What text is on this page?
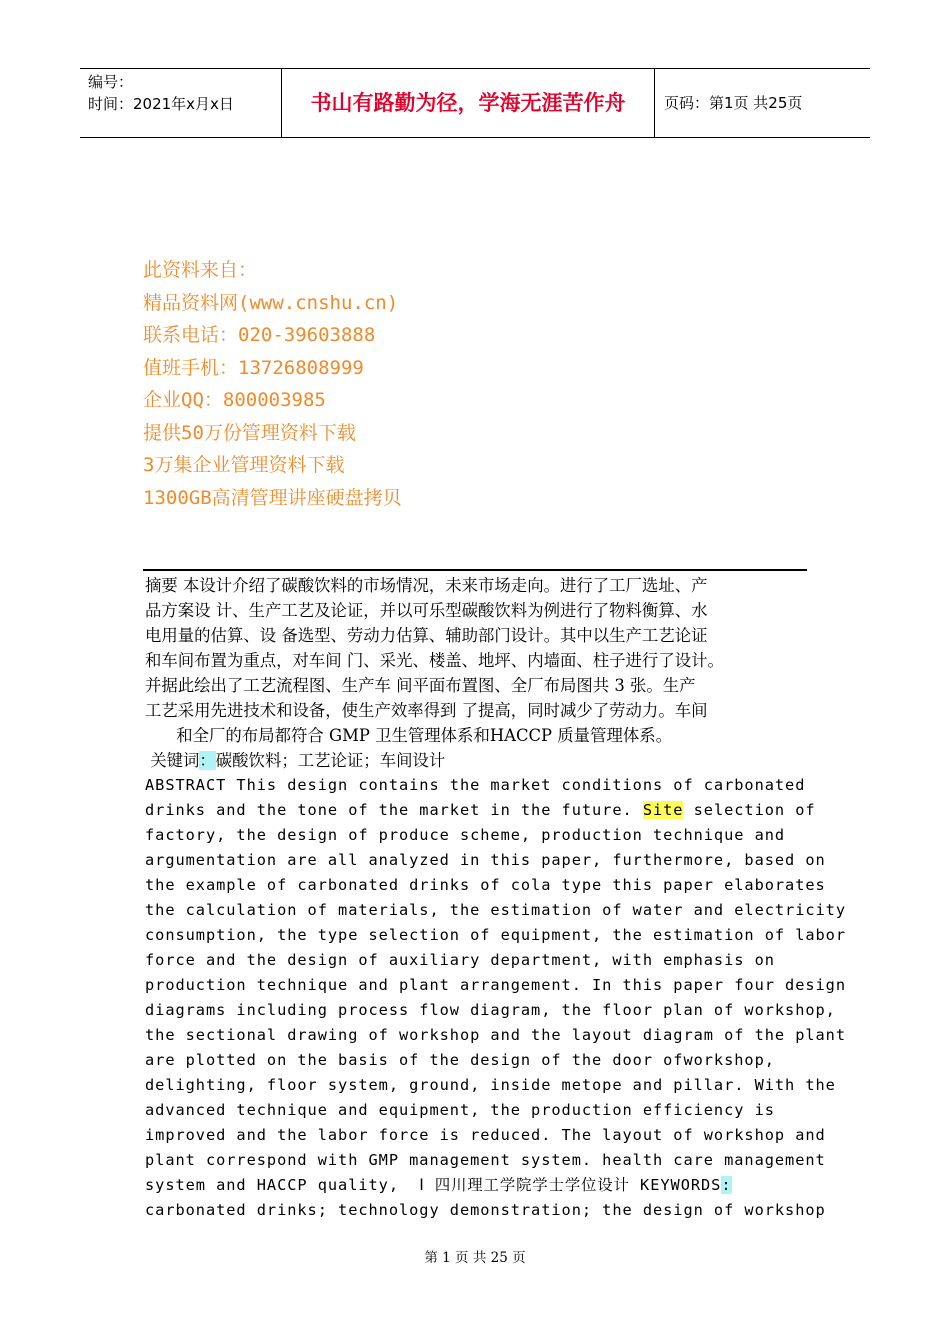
编号：
时间：2021年x月x日	书山有路勤为径，学海无涯苦作舟	页码：第1页 共25页
此资料来自：
精品资料网(www.cnshu.cn)
联系电话：020-39603888
值班手机：13726808999
企业QQ：800003985
提供50万份管理资料下载
3万集企业管理资料下载
1300GB高清管理讲座硬盘拷贝
摘要 本设计介绍了碳酸饮料的市场情况，未来市场走向。进行了工厂选址、产
品方案设 计、生产工艺及论证，并以可乐型碳酸饮料为例进行了物料衡算、水
电用量的估算、设 备选型、劳动力估算、辅助部门设计。其中以生产工艺论证
和车间布置为重点，对车间 门、采光、楼盖、地坪、内墙面、柱子进行了设计。
并据此绘出了工艺流程图、生产车 间平面布置图、全厂布局图共 3 张。生产
工艺采用先进技术和设备，使生产效率得到 了提高，同时减少了劳动力。车间
和全厂的布局都符合 GMP 卫生管理体系和HACCP 质量管理体系。
关键词：碳酸饮料；工艺论证；车间设计
ABSTRACT This design contains the market conditions of carbonated
drinks and the tone of the market in the future. Site selection of
factory, the design of produce scheme, production technique and
argumentation are all analyzed in this paper, furthermore, based on
the example of carbonated drinks of cola type this paper elaborates
the calculation of materials, the estimation of water and electricity
consumption, the type selection of equipment, the estimation of labor
force and the design of auxiliary department, with emphasis on
production technique and plant arrangement. In this paper four design
diagrams including process flow diagram, the floor plan of workshop,
the sectional drawing of workshop and the layout diagram of the plant
are plotted on the basis of the design of the door ofworkshop,
delighting, floor system, ground, inside metope and pillar. With the
advanced technique and equipment, the production efficiency is
improved and the labor force is reduced. The layout of workshop and
plant correspond with GMP management system. health care management
system and HACCP quality,  Ⅰ 四川理工学院学士学位设计 KEYWORDS:
carbonated drinks; technology demonstration; the design of workshop
第 1 页 共 25 页
